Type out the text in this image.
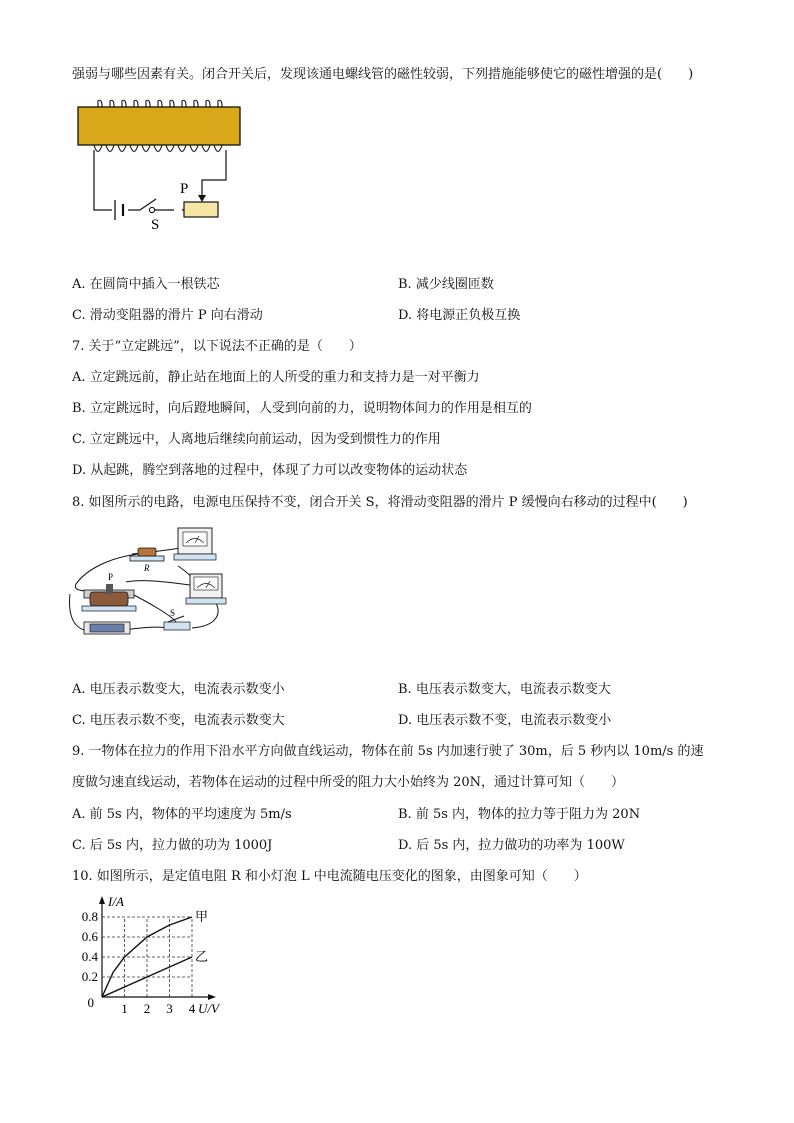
强弱与哪些因素有关。闭合开关后，发现该通电螺线管的磁性较弱，下列措施能够使它的磁性增强的是(　　)
P
S
A. 在圆筒中插入一根铁芯	B. 减少线圈匝数
C. 滑动变阻器的滑片 P 向右滑动	D. 将电源正负极互换
7. 关于“立定跳远”，以下说法不正确的是（　　）
A. 立定跳远前，静止站在地面上的人所受的重力和支持力是一对平衡力
B. 立定跳远时，向后蹬地瞬间，人受到向前的力，说明物体间力的作用是相互的
C. 立定跳远中，人离地后继续向前运动，因为受到惯性力的作用
D. 从起跳，腾空到落地的过程中，体现了力可以改变物体的运动状态
8. 如图所示的电路，电源电压保持不变，闭合开关 S，将滑动变阻器的滑片 P 缓慢向右移动的过程中(　　)
R
P
S
A. 电压表示数变大，电流表示数变小	B. 电压表示数变大，电流表示数变大
C. 电压表示数不变，电流表示数变大	D. 电压表示数不变，电流表示数变小
9. 一物体在拉力的作用下沿水平方向做直线运动，物体在前 5s 内加速行驶了 30m，后 5 秒内以 10m/s 的速
度做匀速直线运动，若物体在运动的过程中所受的阻力大小始终为 20N，通过计算可知（　　）
A. 前 5s 内，物体的平均速度为 5m/s	B. 前 5s 内，物体的拉力等于阻力为 20N
C. 后 5s 内，拉力做的功为 1000J	D. 后 5s 内，拉力做功的功率为 100W
10. 如图所示，是定值电阻 R 和小灯泡 L 中电流随电压变化的图象，由图象可知（　　）
1 2 3 4
0.2
0.4
0.6
0.8
0
I/A
U/V
甲
乙
